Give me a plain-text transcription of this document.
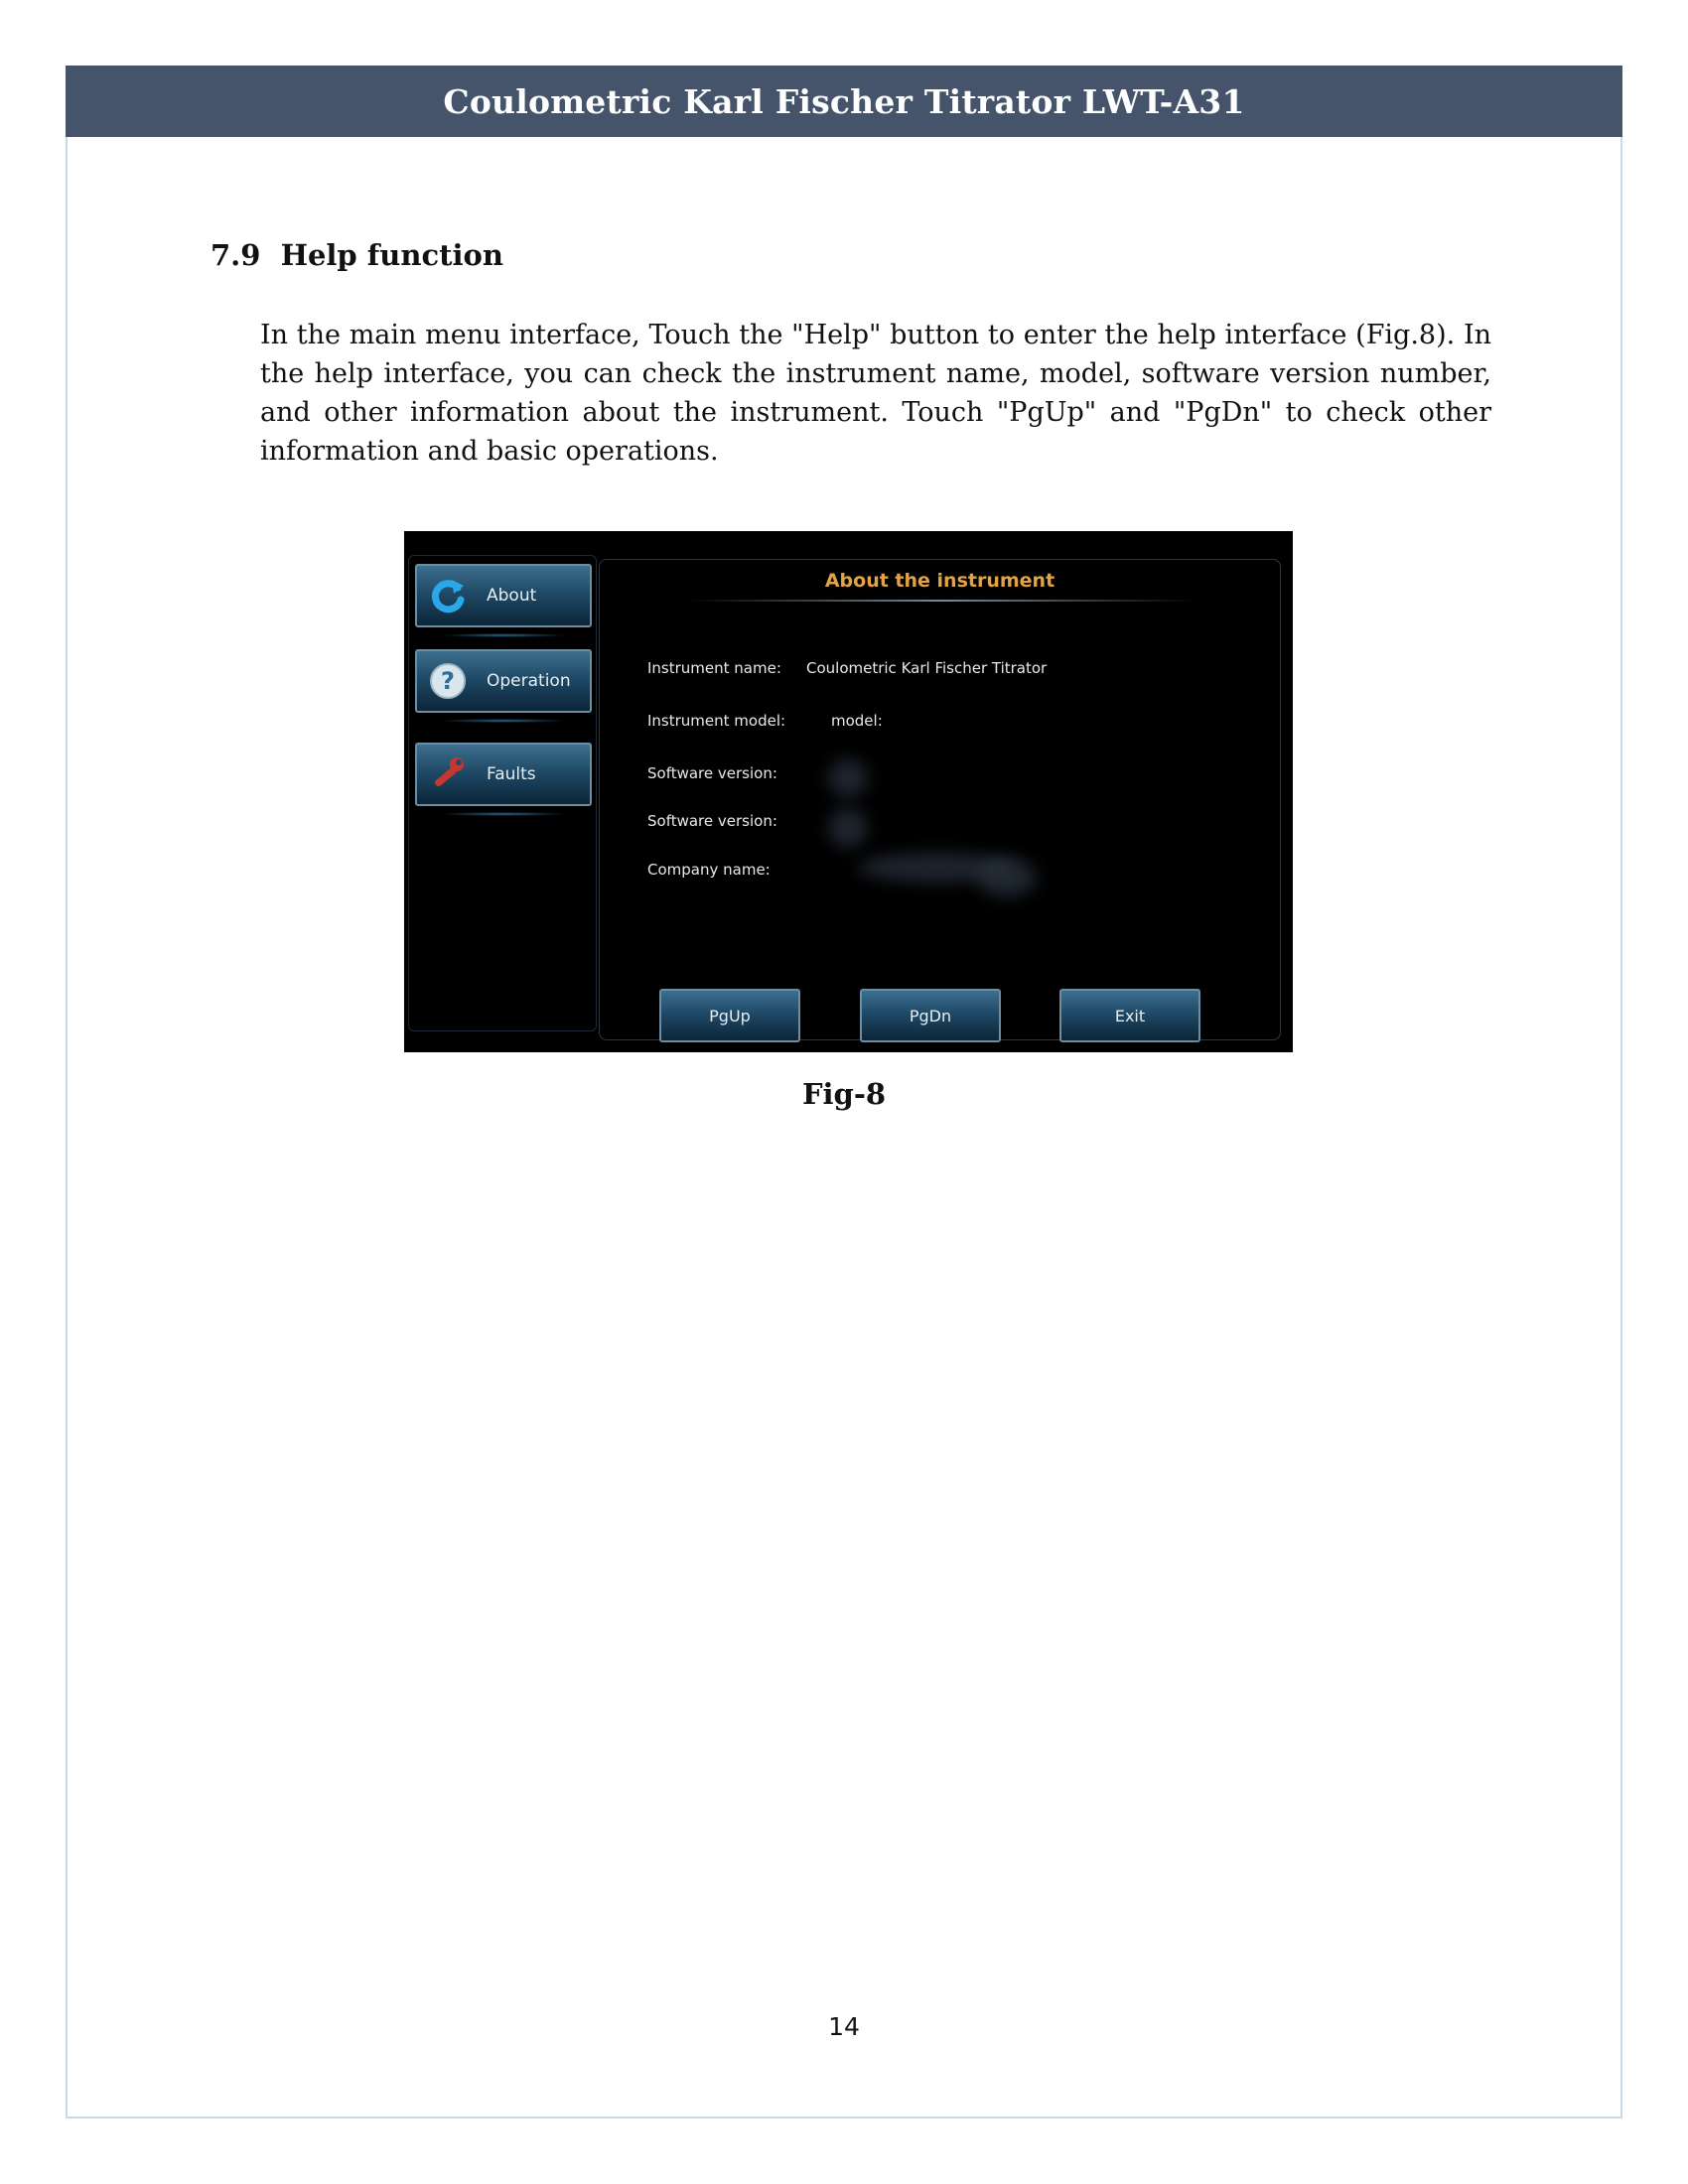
Coulometric Karl Fischer Titrator LWT-A31
7.9 Help function

In the main menu interface, Touch the "Help" button to enter the help interface (Fig.8). In the help interface, you can check the instrument name, model, software version number, and other information about the instrument. Touch "PgUp" and "PgDn" to check other information and basic operations.

About
? Operation
Faults
About the instrument
Instrument name: Coulometric Karl Fischer Titrator
Instrument model:	model:
Software version:
Software version:
Company name:
PgUp	PgDn	Exit
Fig-8
14
